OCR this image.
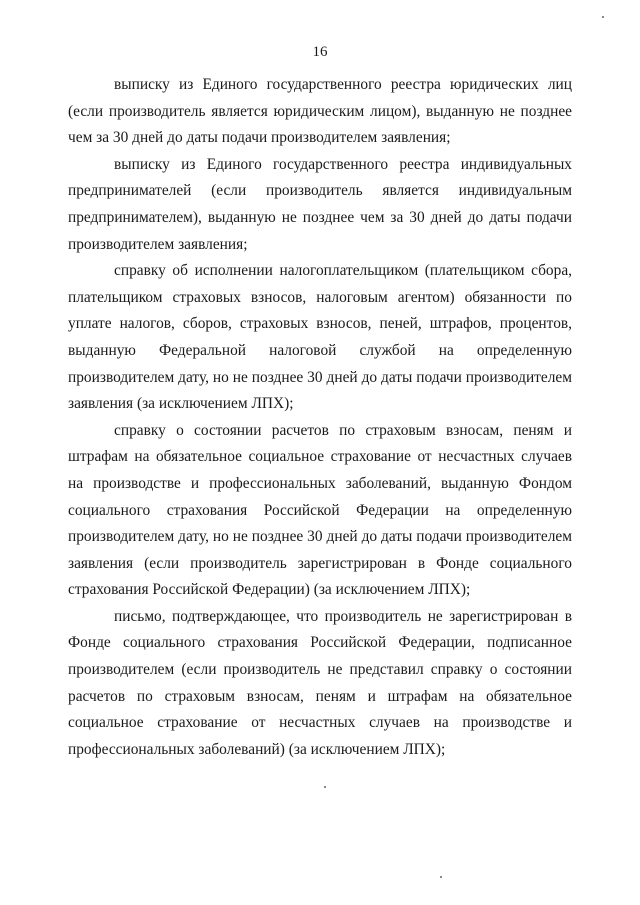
16

выписку из Единого государственного реестра юридических лиц (если производитель является юридическим лицом), выданную не позднее чем за 30 дней до даты подачи производителем заявления;

выписку из Единого государственного реестра индивидуальных предпринимателей (если производитель является индивидуальным предпринимателем), выданную не позднее чем за 30 дней до даты подачи производителем заявления;

справку об исполнении налогоплательщиком (плательщиком сбора, плательщиком страховых взносов, налоговым агентом) обязанности по уплате налогов, сборов, страховых взносов, пеней, штрафов, процентов, выданную Федеральной налоговой службой на определенную производителем дату, но не позднее 30 дней до даты подачи производителем заявления (за исключением ЛПХ);

справку о состоянии расчетов по страховым взносам, пеням и штрафам на обязательное социальное страхование от несчастных случаев на производстве и профессиональных заболеваний, выданную Фондом социального страхования Российской Федерации на определенную производителем дату, но не позднее 30 дней до даты подачи производителем заявления (если производитель зарегистрирован в Фонде социального страхования Российской Федерации) (за исключением ЛПХ);

письмо, подтверждающее, что производитель не зарегистрирован в Фонде социального страхования Российской Федерации, подписанное производителем (если производитель не представил справку о состоянии расчетов по страховым взносам, пеням и штрафам на обязательное социальное страхование от несчастных случаев на производстве и профессиональных заболеваний) (за исключением ЛПХ);
